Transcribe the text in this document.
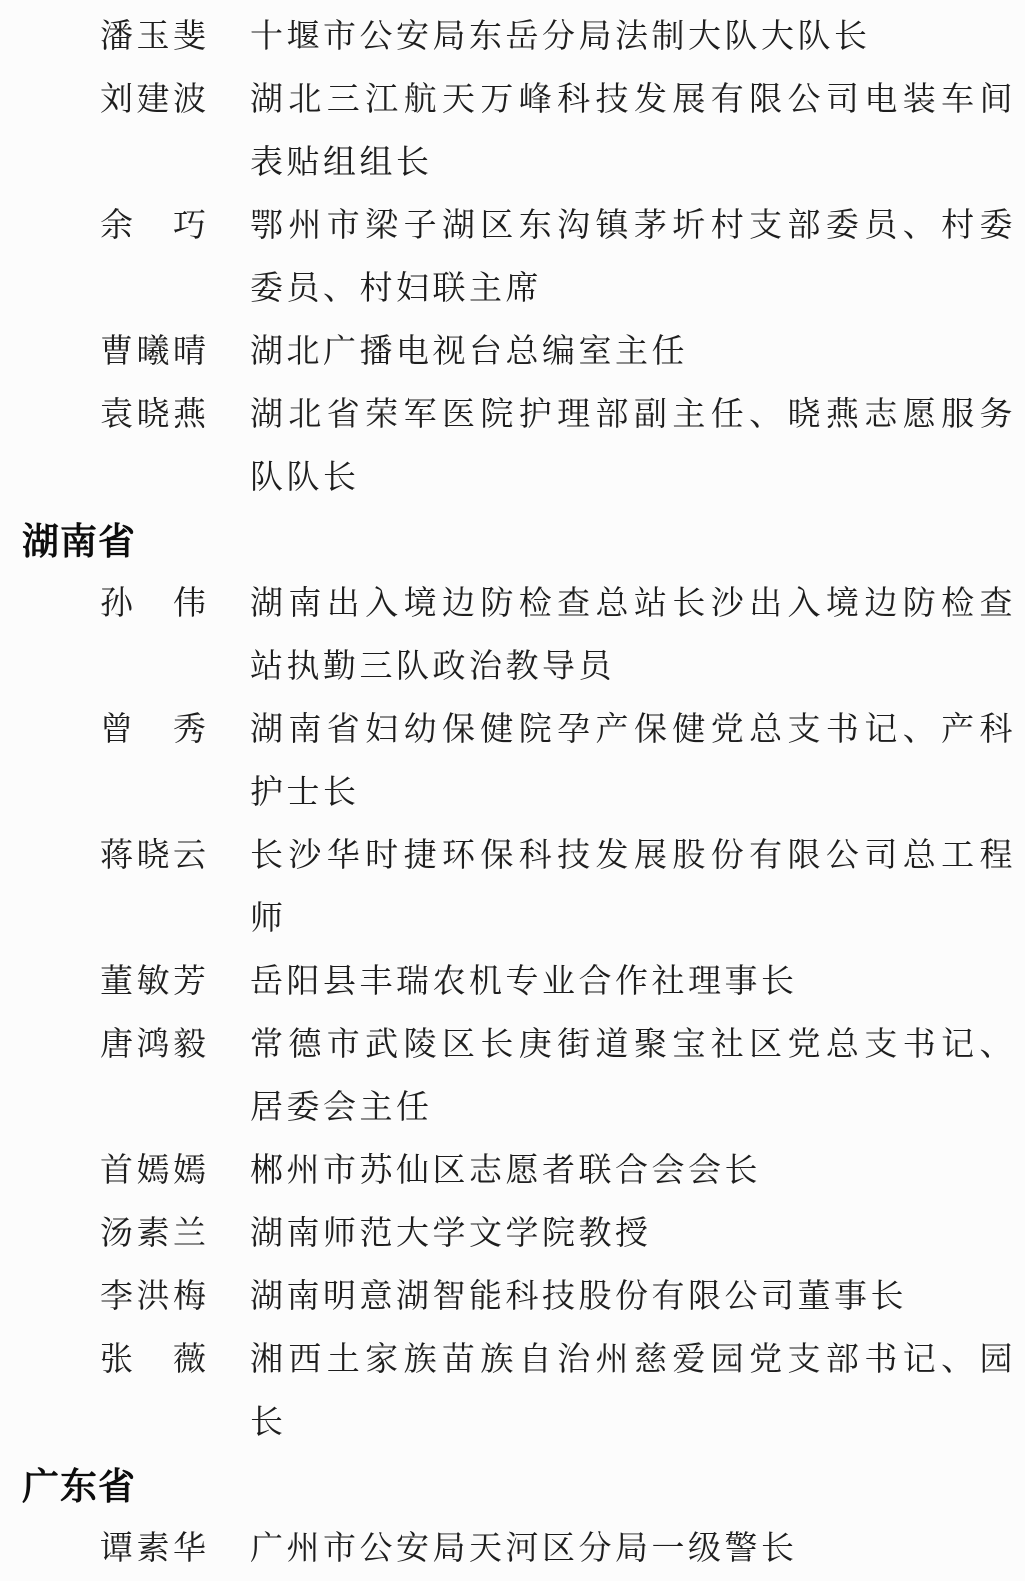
潘玉斐	十堰市公安局东岳分局法制大队大队长
刘建波	湖北三江航天万峰科技发展有限公司电装车间表贴组组长
余　巧	鄂州市梁子湖区东沟镇茅圻村支部委员、村委委员、村妇联主席
曹曦晴	湖北广播电视台总编室主任
袁晓燕	湖北省荣军医院护理部副主任、晓燕志愿服务队队长
湖南省
孙　伟	湖南出入境边防检查总站长沙出入境边防检查站执勤三队政治教导员
曾　秀	湖南省妇幼保健院孕产保健党总支书记、产科护士长
蒋晓云	长沙华时捷环保科技发展股份有限公司总工程师
董敏芳	岳阳县丰瑞农机专业合作社理事长
唐鸿毅	常德市武陵区长庚街道聚宝社区党总支书记、居委会主任
首嫣嫣	郴州市苏仙区志愿者联合会会长
汤素兰	湖南师范大学文学院教授
李洪梅	湖南明意湖智能科技股份有限公司董事长
张　薇	湘西土家族苗族自治州慈爱园党支部书记、园长
广东省
谭素华	广州市公安局天河区分局一级警长
